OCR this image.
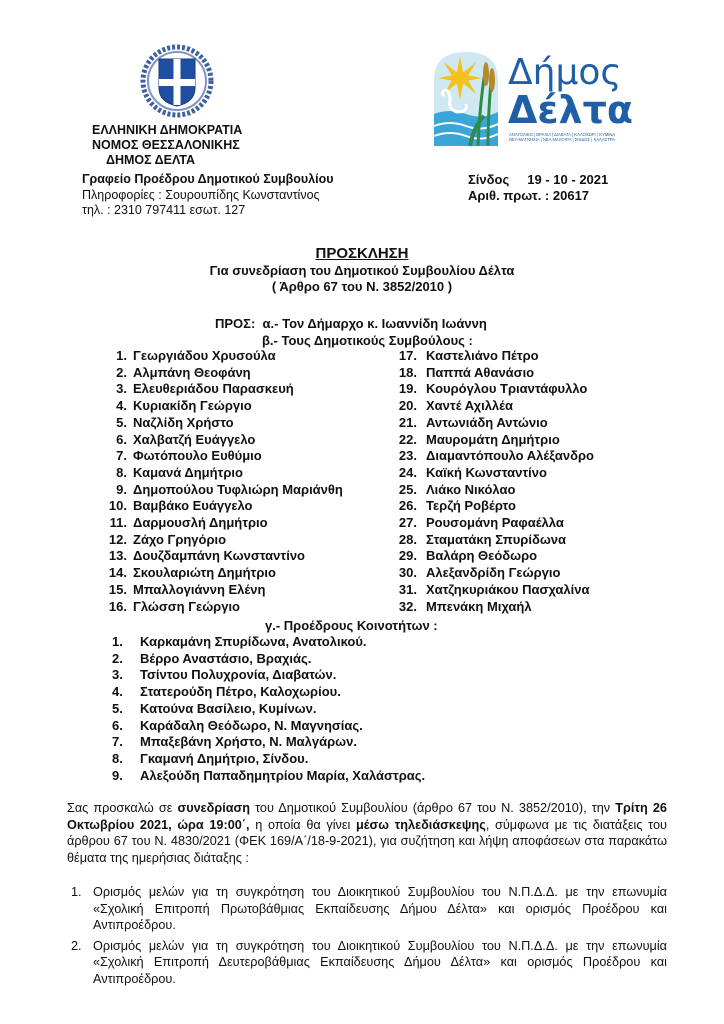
ΕΛΛΗΝΙΚΗ ΔΗΜΟΚΡΑΤΙΑ
ΝΟΜΟΣ ΘΕΣΣΑΛΟΝΙΚΗΣ
ΔΗΜΟΣ ΔΕΛΤΑ
Γραφείο Προέδρου Δημοτικού Συμβουλίου
Πληροφορίες : Σουρουπίδης Κωνσταντίνος
τηλ. : 2310 797411 εσωτ. 127
Δήμος
Δέλτα
ΑΝΑΤΟΛΙΚΟ | ΒΡΑΧΙΑ | ΔΙΑΒΑΤΑ | ΚΑΛΟΧΩΡΙ | ΚΥΜΙΝΑ
ΝΕΑ ΜΑΓΝΗΣΙΑ | ΝΕΑ ΜΑΛΓΑΡΑ | ΣΙΝΔΟΣ | ΧΑΛΑΣΤΡΑ
Σίνδος     19 - 10 - 2021
Αριθ. πρωτ. : 20617
ΠΡΟΣΚΛΗΣΗ
Για συνεδρίαση του Δημοτικού Συμβουλίου Δέλτα
( Άρθρο 67 του Ν. 3852/2010 )
ΠΡΟΣ: α.- Τον Δήμαρχο κ. Ιωαννίδη Ιωάννη
β.- Τους Δημοτικούς Συμβούλους :
1. Γεωργιάδου Χρυσούλα
2. Αλμπάνη Θεοφάνη
3. Ελευθεριάδου Παρασκευή
4. Κυριακίδη Γεώργιο
5. Ναζλίδη Χρήστο
6. Χαλβατζή Ευάγγελο
7. Φωτόπουλο Ευθύμιο
8. Καμανά Δημήτριο
9. Δημοπούλου Τυφλιώρη Μαριάνθη
10. Βαμβάκο Ευάγγελο
11. Δαρμουσλή Δημήτριο
12. Ζάχο Γρηγόριο
13. Δουζδαμπάνη Κωνσταντίνο
14. Σκουλαριώτη Δημήτριο
15. Μπαλλογιάννη Ελένη
16. Γλώσση Γεώργιο
17. Καστελιάνο Πέτρο
18. Παππά Αθανάσιο
19. Κουρόγλου Τριαντάφυλλο
20. Χαντέ Αχιλλέα
21. Αντωνιάδη Αντώνιο
22. Μαυρομάτη Δημήτριο
23. Διαμαντόπουλο Αλέξανδρο
24. Καϊκή Κωνσταντίνο
25. Λιάκο Νικόλαο
26. Τερζή Ροβέρτο
27. Ρουσομάνη Ραφαέλλα
28. Σταματάκη Σπυρίδωνα
29. Βαλάρη Θεόδωρο
30. Αλεξανδρίδη Γεώργιο
31. Χατζηκυριάκου Πασχαλίνα
32. Μπενάκη Μιχαήλ
γ.- Προέδρους Κοινοτήτων :
1.	Καρκαμάνη Σπυρίδωνα, Ανατολικού.
2.	Βέρρο Αναστάσιο, Βραχιάς.
3.	Τσίντου Πολυχρονία, Διαβατών.
4.	Στατερούδη Πέτρο, Καλοχωρίου.
5.	Κατούνα Βασίλειο, Κυμίνων.
6.	Καράδαλη Θεόδωρο, Ν. Μαγνησίας.
7.	Μπαξεβάνη Χρήστο, Ν. Μαλγάρων.
8.	Γκαμανή Δημήτριο, Σίνδου.
9.	Αλεξούδη Παπαδημητρίου Μαρία, Χαλάστρας.
Σας προσκαλώ σε συνεδρίαση του Δημοτικού Συμβουλίου (άρθρο 67 του Ν. 3852/2010), την Τρίτη 26 Οκτωβρίου 2021, ώρα 19:00΄, η οποία θα γίνει μέσω τηλεδιάσκεψης, σύμφωνα με τις διατάξεις του άρθρου 67 του Ν. 4830/2021 (ΦΕΚ 169/Α΄/18-9-2021), για συζήτηση και λήψη αποφάσεων στα παρακάτω θέματα της ημερήσιας διάταξης :
1. Ορισμός μελών για τη συγκρότηση του Διοικητικού Συμβουλίου του Ν.Π.Δ.Δ. με την επωνυμία «Σχολική Επιτροπή Πρωτοβάθμιας Εκπαίδευσης Δήμου Δέλτα» και ορισμός Προέδρου και Αντιπροέδρου.
2. Ορισμός μελών για τη συγκρότηση του Διοικητικού Συμβουλίου του Ν.Π.Δ.Δ. με την επωνυμία «Σχολική Επιτροπή Δευτεροβάθμιας Εκπαίδευσης Δήμου Δέλτα» και ορισμός Προέδρου και Αντιπροέδρου.
